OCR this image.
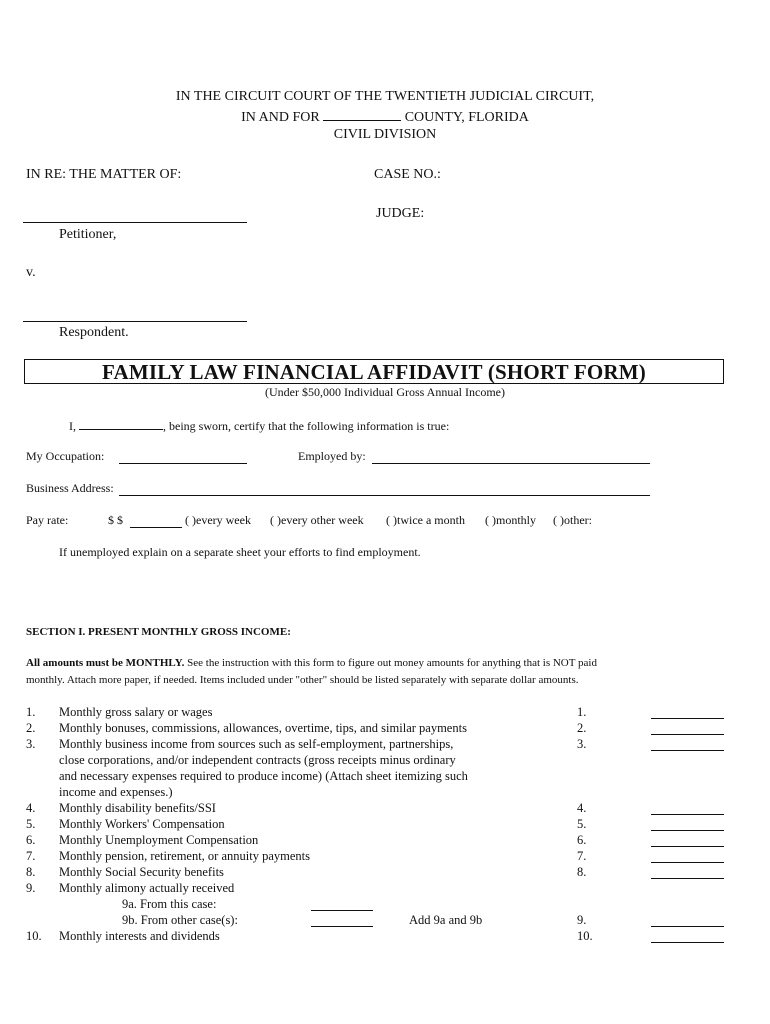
IN THE CIRCUIT COURT OF THE TWENTIETH JUDICIAL CIRCUIT,
IN AND FOR	COUNTY, FLORIDA
CIVIL DIVISION
IN RE: THE MATTER OF:	CASE NO.:
JUDGE:
Petitioner,
v.
Respondent.
FAMILY LAW FINANCIAL AFFIDAVIT (SHORT FORM)
(Under $50,000 Individual Gross Annual Income)
I,	, being sworn, certify that the following information is true:
My Occupation:	Employed by:
Business Address:
Pay rate:	$ $	( )every week ( )every other week ( )twice a month ( )monthly ( )other:
If unemployed explain on a separate sheet your efforts to find employment.
SECTION I. PRESENT MONTHLY GROSS INCOME:
All amounts must be MONTHLY. See the instruction with this form to figure out money amounts for anything that is NOT paid
monthly. Attach more paper, if needed. Items included under "other" should be listed separately with separate dollar amounts.
1. Monthly gross salary or wages	1.
2. Monthly bonuses, commissions, allowances, overtime, tips, and similar payments	2.
3. Monthly business income from sources such as self-employment, partnerships,	3.
close corporations, and/or independent contracts (gross receipts minus ordinary
and necessary expenses required to produce income) (Attach sheet itemizing such
income and expenses.)
4. Monthly disability benefits/SSI	4.
5. Monthly Workers' Compensation	5.
6. Monthly Unemployment Compensation	6.
7. Monthly pension, retirement, or annuity payments	7.
8. Monthly Social Security benefits	8.
9. Monthly alimony actually received
9a. From this case:
9b. From other case(s):	Add 9a and 9b	9.
10. Monthly interests and dividends	10.
